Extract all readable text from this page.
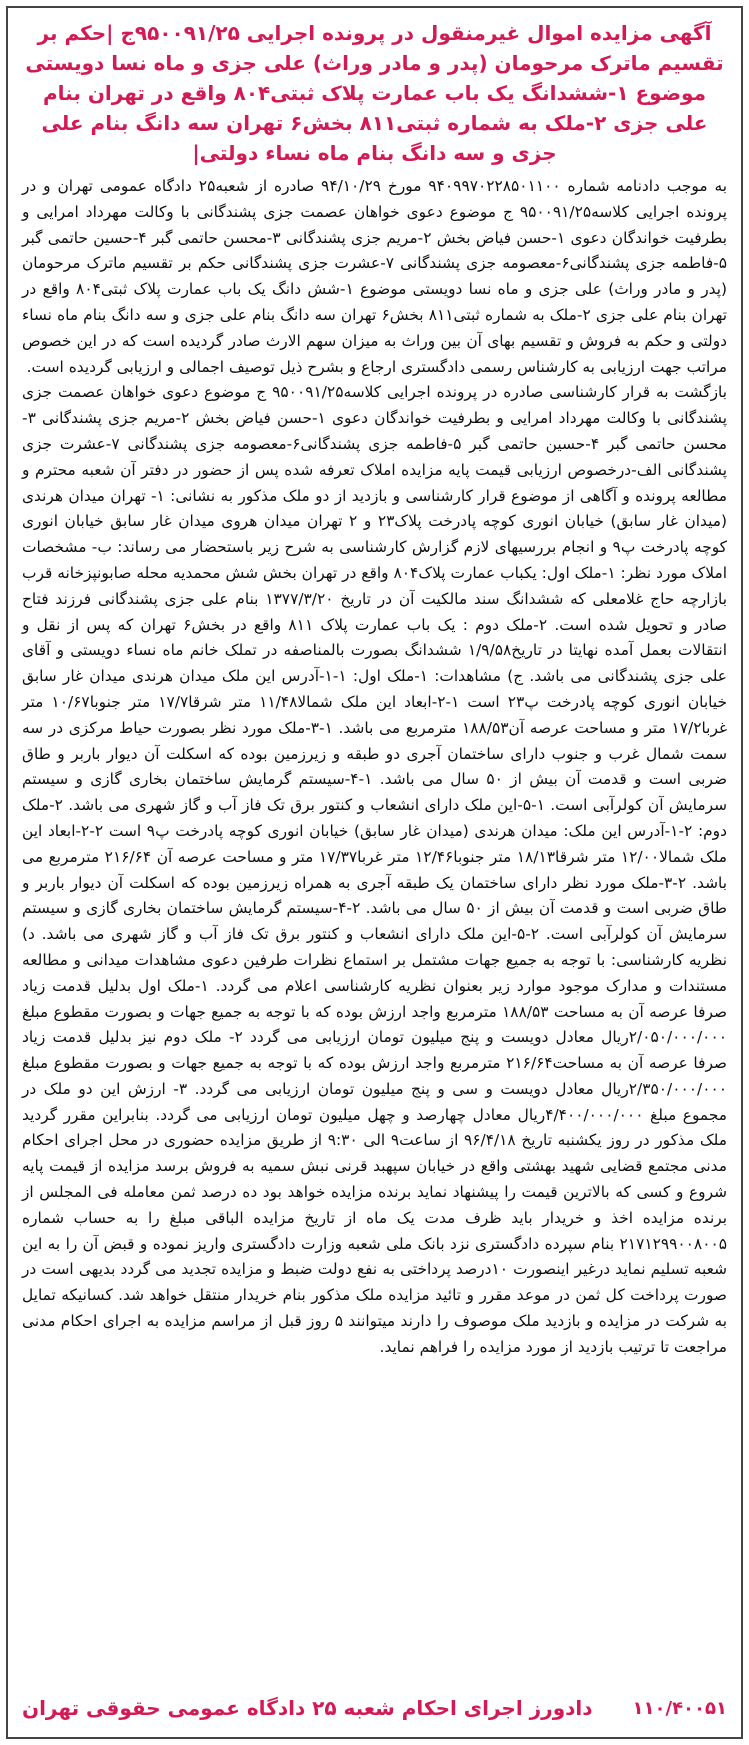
آگهی مزایده اموال غیرمنقول در پرونده اجرایی ۹۵۰۰۹۱/۲۵ج |حکم بر تقسیم ماترک مرحومان (پدر و مادر وراث) علی جزی و ماه نسا دویستی موضوع ۱-ششدانگ یک باب عمارت پلاک ثبتی۸۰۴ واقع در تهران بنام علی جزی ۲-ملک به شماره ثبتی۸۱۱ بخش۶ تهران سه دانگ بنام علی جزی و سه دانگ بنام ماه نساء دولتی|

به موجب دادنامه شماره ۹۴۰۹۹۷۰۲۲۸۵۰۱۱۰۰ مورخ ۹۴/۱۰/۲۹ صادره از شعبه۲۵ دادگاه عمومی تهران و در پرونده اجرایی کلاسه۹۵۰۰۹۱/۲۵ ج موضوع دعوی خواهان عصمت جزی پشندگانی با وکالت مهرداد امرایی و بطرفیت خواندگان دعوی ۱-حسن فیاض بخش ۲-مریم جزی پشندگانی ۳-محسن حاتمی گبر ۴-حسین حاتمی گبر ۵-فاطمه جزی پشندگانی۶-معصومه جزی پشندگانی ۷-عشرت جزی پشندگانی حکم بر تقسیم ماترک مرحومان (پدر و مادر وراث) علی جزی و ماه نسا دویستی موضوع ۱-شش دانگ یک باب عمارت پلاک ثبتی۸۰۴ واقع در تهران بنام علی جزی ۲-ملک به شماره ثبتی۸۱۱ بخش۶ تهران سه دانگ بنام علی جزی و سه دانگ بنام ماه نساء دولتی و حکم به فروش و تقسیم بهای آن بین وراث به میزان سهم الارث صادر گردیده است که در این خصوص مراتب جهت ارزیابی به کارشناس رسمی دادگستری ارجاع و بشرح ذیل توصیف اجمالی و ارزیابی گردیده است.

بازگشت به قرار کارشناسی صادره در پرونده اجرایی کلاسه۹۵۰۰۹۱/۲۵ ج موضوع دعوی خواهان عصمت جزی پشندگانی با وکالت مهرداد امرایی و بطرفیت خواندگان دعوی ۱-حسن فیاض بخش ۲-مریم جزی پشندگانی ۳-محسن حاتمی گبر ۴-حسین حاتمی گبر ۵-فاطمه جزی پشندگانی۶-معصومه جزی پشندگانی ۷-عشرت جزی پشندگانی الف-درخصوص ارزیابی قیمت پایه مزایده املاک تعرفه شده پس از حضور در دفتر آن شعبه محترم و مطالعه پرونده و آگاهی از موضوع قرار کارشناسی و بازدید از دو ملک مذکور به نشانی: ۱- تهران میدان هرندی (میدان غار سابق) خیابان انوری کوچه پادرخت پلاک۲۳ و ۲ تهران میدان هروی میدان غار سابق خیابان انوری کوچه پادرخت پ۹ و انجام بررسیهای لازم گزارش کارشناسی به شرح زیر باستحضار می رساند: ب- مشخصات املاک مورد نظر: ۱-ملک اول: یکباب عمارت پلاک۸۰۴ واقع در تهران بخش شش محمدیه محله صابونپزخانه قرب بازارچه حاج غلامعلی که ششدانگ سند مالکیت آن در تاریخ ۱۳۷۷/۳/۲۰ بنام علی جزی پشندگانی فرزند فتاح صادر و تحویل شده است. ۲-ملک دوم : یک باب عمارت پلاک ۸۱۱ واقع در بخش۶ تهران که پس از نقل و انتقالات بعمل آمده نهایتا در تاریخ۱/۹/۵۸ ششدانگ بصورت بالمناصفه در تملک خانم ماه نساء دویستی و آقای علی جزی پشندگانی می باشد. ج) مشاهدات: ۱-ملک اول: ۱-۱-آدرس این ملک میدان هرندی میدان غار سابق خیابان انوری کوچه پادرخت پ۲۳ است ۱-۲-ابعاد این ملک شمالا۱۱/۴۸ متر شرقا۱۷/۷ متر جنوبا۱۰/۶۷ متر غربا۱۷/۲ متر و مساحت عرصه آن۱۸۸/۵۳ مترمربع می باشد. ۱-۳-ملک مورد نظر بصورت حیاط مرکزی در سه سمت شمال غرب و جنوب دارای ساختمان آجری دو طبقه و زیرزمین بوده که اسکلت آن دیوار باربر و طاق ضربی است و قدمت آن بیش از ۵۰ سال می باشد. ۱-۴-سیستم گرمایش ساختمان بخاری گازی و سیستم سرمایش آن کولرآبی است. ۱-۵-این ملک دارای انشعاب و کنتور برق تک فاز آب و گاز شهری می باشد. ۲-ملک دوم: ۲-۱-آدرس این ملک: میدان هرندی (میدان غار سابق) خیابان انوری کوچه پادرخت پ۹ است ۲-۲-ابعاد این ملک شمالا۱۲/۰۰ متر شرقا۱۸/۱۳ متر جنوبا۱۲/۴۶ متر غربا۱۷/۳۷ متر و مساحت عرصه آن ۲۱۶/۶۴ مترمربع می باشد. ۲-۳-ملک مورد نظر دارای ساختمان یک طبقه آجری به همراه زیرزمین بوده که اسکلت آن دیوار باربر و طاق ضربی است و قدمت آن بیش از ۵۰ سال می باشد. ۲-۴-سیستم گرمایش ساختمان بخاری گازی و سیستم سرمایش آن کولرآبی است. ۲-۵-این ملک دارای انشعاب و کنتور برق تک فاز آب و گاز شهری می باشد. د) نظریه کارشناسی: با توجه به جمیع جهات مشتمل بر استماع نظرات طرفین دعوی مشاهدات میدانی و مطالعه مستندات و مدارک موجود موارد زیر بعنوان نظریه کارشناسی اعلام می گردد. ۱-ملک اول بدلیل قدمت زیاد صرفا عرصه آن به مساحت ۱۸۸/۵۳ مترمربع واجد ارزش بوده که با توجه به جمیع جهات و بصورت مقطوع مبلغ ۲/۰۵۰/۰۰۰/۰۰۰ریال معادل دویست و پنج میلیون تومان ارزیابی می گردد ۲- ملک دوم نیز بدلیل قدمت زیاد صرفا عرصه آن به مساحت۲۱۶/۶۴ مترمربع واجد ارزش بوده که با توجه به جمیع جهات و بصورت مقطوع مبلغ ۲/۳۵۰/۰۰۰/۰۰۰ریال معادل دویست و سی و پنج میلیون تومان ارزیابی می گردد. ۳- ارزش این دو ملک در مجموع مبلغ ۴/۴۰۰/۰۰۰/۰۰۰ریال معادل چهارصد و چهل میلیون تومان ارزیابی می گردد. بنابراین مقرر گردید ملک مذکور در روز یکشنبه تاریخ ۹۶/۴/۱۸ از ساعت۹ الی ۹:۳۰ از طریق مزایده حضوری در محل اجرای احکام مدنی مجتمع قضایی شهید بهشتی واقع در خیابان سپهبد قرنی نبش سمیه به فروش برسد مزایده از قیمت پایه شروع و کسی که بالاترین قیمت را پیشنهاد نماید برنده مزایده خواهد بود ده درصد ثمن معامله فی المجلس از برنده مزایده اخذ و خریدار باید ظرف مدت یک ماه از تاریخ مزایده الباقی مبلغ را به حساب شماره ۲۱۷۱۲۹۹۰۰۸۰۰۵ بنام سپرده دادگستری نزد بانک ملی شعبه وزارت دادگستری واریز نموده و قبض آن را به این شعبه تسلیم نماید درغیر اینصورت ۱۰درصد پرداختی به نفع دولت ضبط و مزایده تجدید می گردد بدیهی است در صورت پرداخت کل ثمن در موعد مقرر و تائید مزایده ملک مذکور بنام خریدار منتقل خواهد شد. کسانیکه تمایل به شرکت در مزایده و بازدید ملک موصوف را دارند میتوانند ۵ روز قبل از مراسم مزایده به اجرای احکام مدنی مراجعت تا ترتیب بازدید از مورد مزایده را فراهم نماید.

دادورز اجرای احکام شعبه ۲۵ دادگاه عمومی حقوقی تهران ۱۱۰/۴۰۰۵۱
